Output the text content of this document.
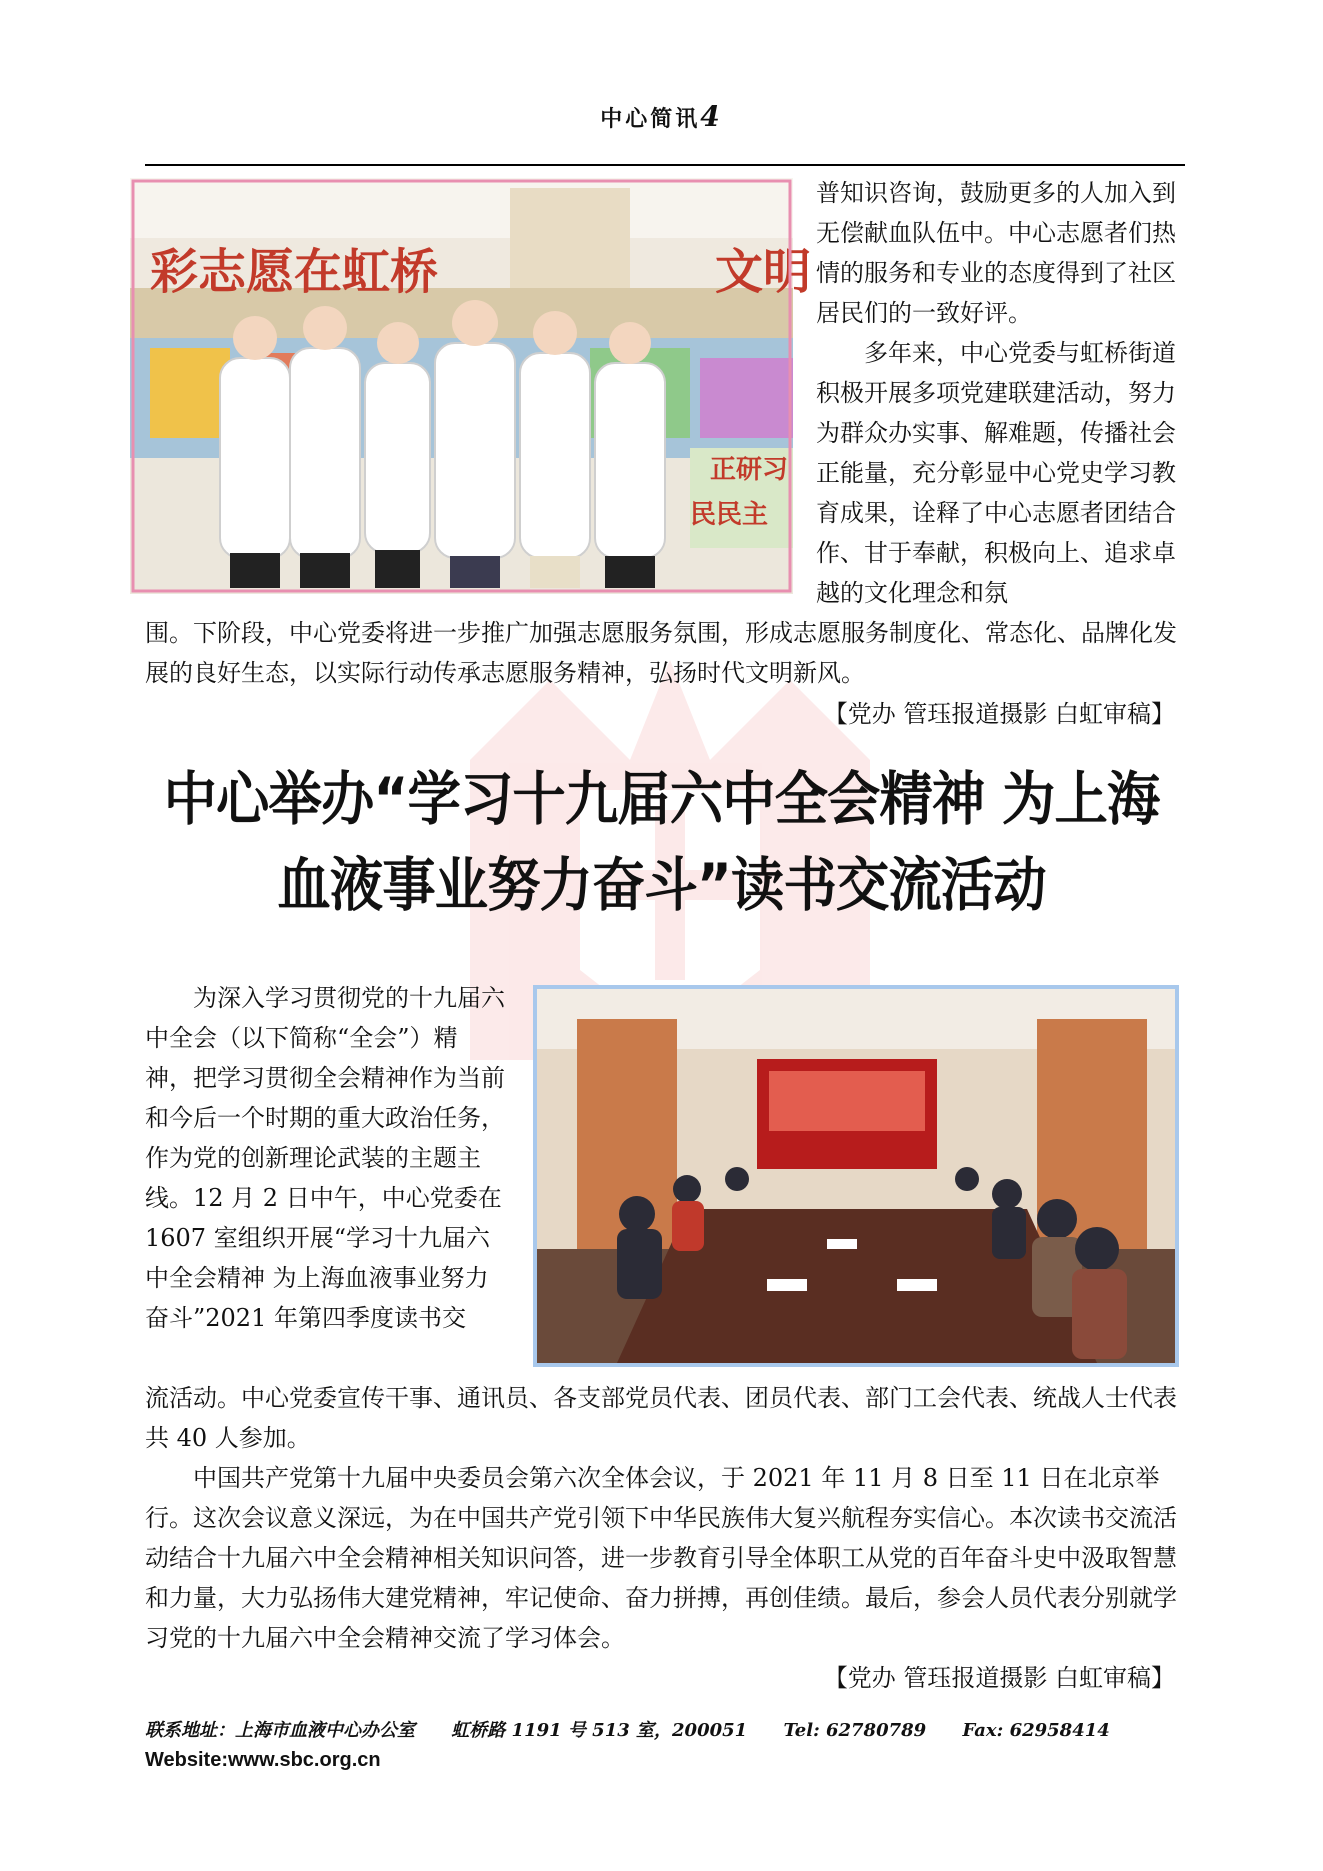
中心简讯4
彩志愿在虹桥	文明
正研习
民民主
普知识咨询，鼓励更多的人加入到无偿献血队伍中。中心志愿者们热情的服务和专业的态度得到了社区居民们的一致好评。
多年来，中心党委与虹桥街道积极开展多项党建联建活动，努力为群众办实事、解难题，传播社会正能量，充分彰显中心党史学习教育成果，诠释了中心志愿者团结合作、甘于奉献，积极向上、追求卓越的文化理念和氛
围。下阶段，中心党委将进一步推广加强志愿服务氛围，形成志愿服务制度化、常态化、品牌化发展的良好生态，以实际行动传承志愿服务精神，弘扬时代文明新风。
【党办 管珏报道摄影 白虹审稿】
中心举办“学习十九届六中全会精神 为上海
血液事业努力奋斗”读书交流活动
为深入学习贯彻党的十九届六中全会（以下简称“全会”）精神，把学习贯彻全会精神作为当前和今后一个时期的重大政治任务，作为党的创新理论武装的主题主线。12 月 2 日中午，中心党委在 1607 室组织开展“学习十九届六中全会精神 为上海血液事业努力奋斗”2021 年第四季度读书交
流活动。中心党委宣传干事、通讯员、各支部党员代表、团员代表、部门工会代表、统战人士代表共 40 人参加。
中国共产党第十九届中央委员会第六次全体会议，于 2021 年 11 月 8 日至 11 日在北京举行。这次会议意义深远，为在中国共产党引领下中华民族伟大复兴航程夯实信心。本次读书交流活动结合十九届六中全会精神相关知识问答，进一步教育引导全体职工从党的百年奋斗史中汲取智慧和力量，大力弘扬伟大建党精神，牢记使命、奋力拼搏，再创佳绩。最后，参会人员代表分别就学习党的十九届六中全会精神交流了学习体会。
【党办 管珏报道摄影 白虹审稿】
联系地址：上海市血液中心办公室 虹桥路 1191 号 513 室，200051 Tel: 62780789 Fax: 62958414
Website:www.sbc.org.cn
